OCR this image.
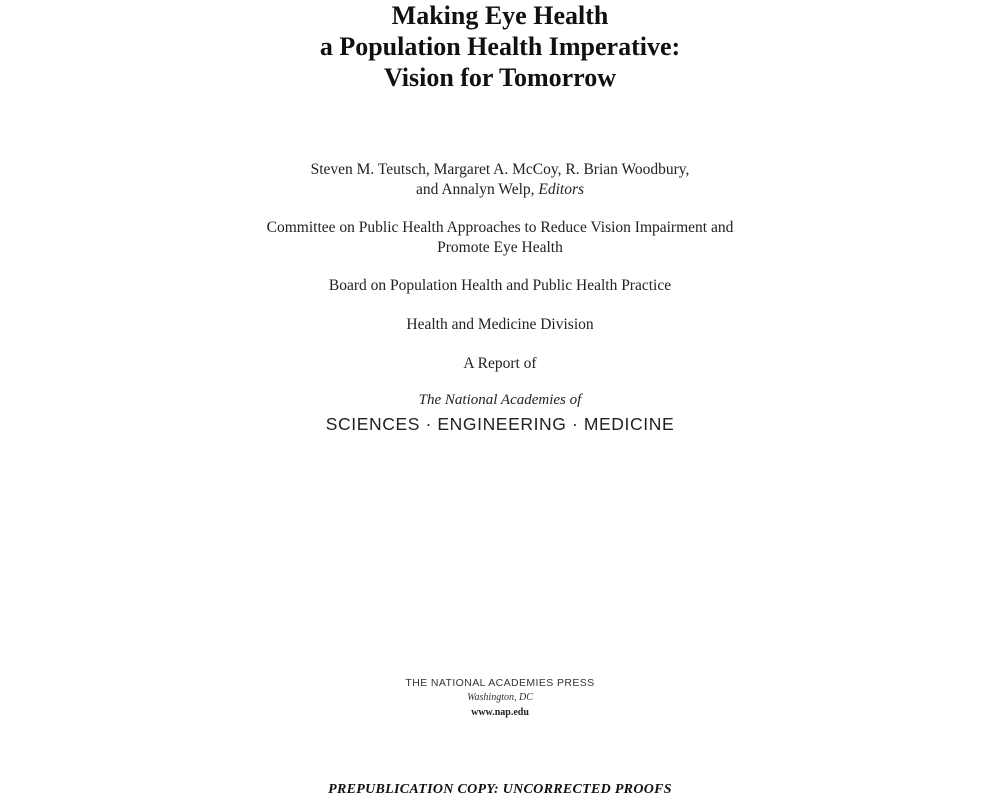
Making Eye Health
a Population Health Imperative:
Vision for Tomorrow
Steven M. Teutsch, Margaret A. McCoy, R. Brian Woodbury,
and Annalyn Welp, Editors
Committee on Public Health Approaches to Reduce Vision Impairment and
Promote Eye Health
Board on Population Health and Public Health Practice
Health and Medicine Division
A Report of
The National Academies of
SCIENCES · ENGINEERING · MEDICINE
THE NATIONAL ACADEMIES PRESS
Washington, DC
www.nap.edu
PREPUBLICATION COPY: UNCORRECTED PROOFS
